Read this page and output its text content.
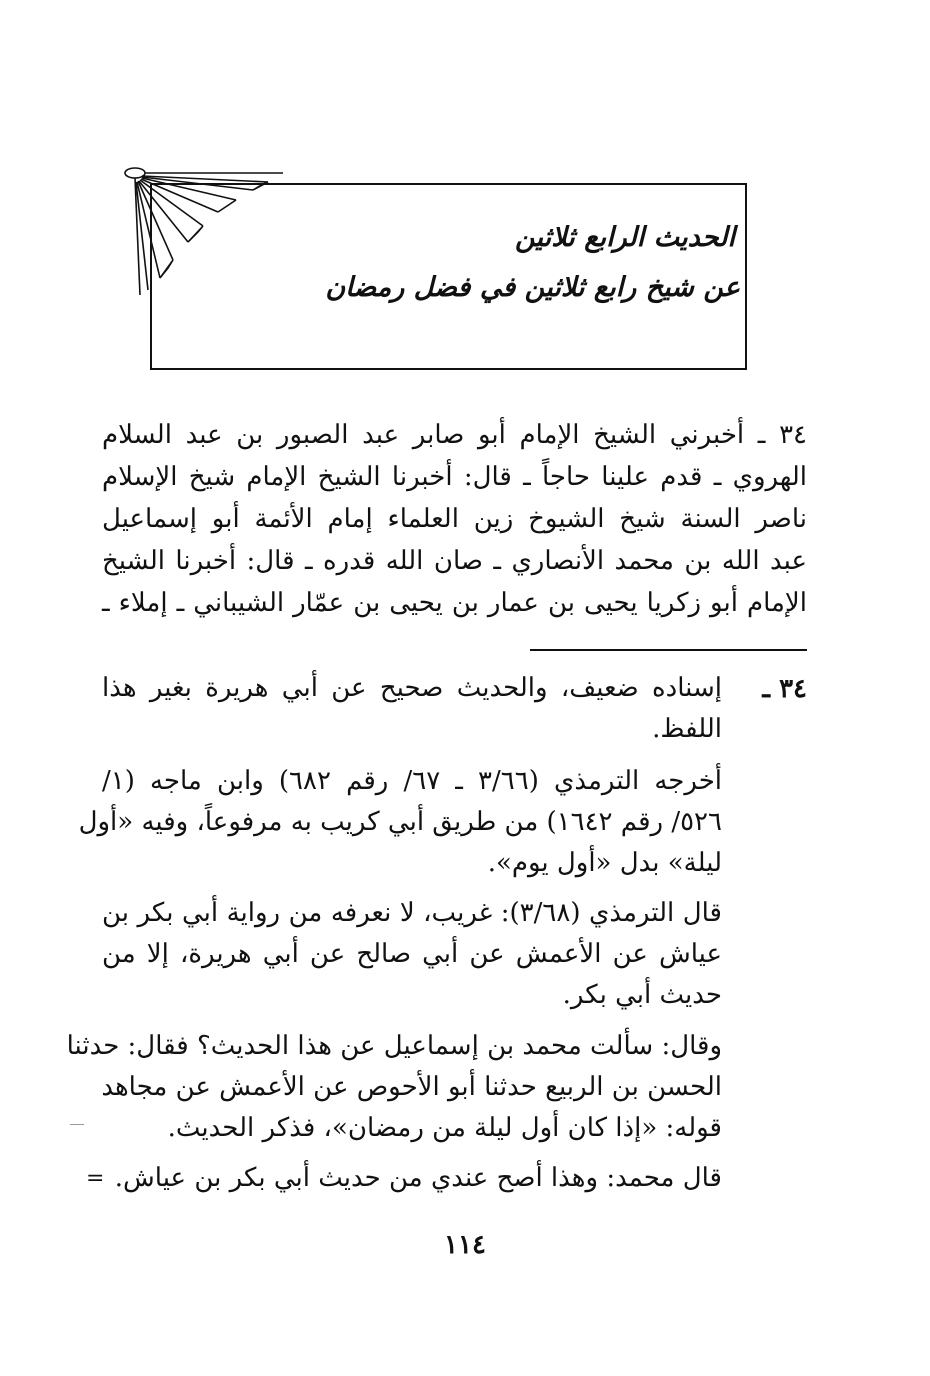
الحديث الرابع ثلاثين
عن شيخ رابع ثلاثين في فضل رمضان
٣٤ ـ أخبرني الشيخ الإمام أبو صابر عبد الصبور بن عبد السلام
الهروي ـ قدم علينا حاجاً ـ قال: أخبرنا الشيخ الإمام شيخ الإسلام
ناصر السنة شيخ الشيوخ زين العلماء إمام الأئمة أبو إسماعيل
عبد الله بن محمد الأنصاري ـ صان الله قدره ـ قال: أخبرنا الشيخ
الإمام أبو زكريا يحيى بن عمار بن يحيى بن عمّار الشيباني ـ إملاء ـ
٣٤ ـ
إسناده ضعيف، والحديث صحيح عن أبي هريرة بغير هذا
اللفظ.
أخرجه الترمذي (٣/٦٦ ـ ٦٧/ رقم ٦٨٢) وابن ماجه (١/
٥٢٦/ رقم ١٦٤٢) من طريق أبي كريب به مرفوعاً، وفيه «أول
ليلة» بدل «أول يوم».
قال الترمذي (٣/٦٨): غريب، لا نعرفه من رواية أبي بكر بن
عياش عن الأعمش عن أبي صالح عن أبي هريرة، إلا من
حديث أبي بكر.
وقال: سألت محمد بن إسماعيل عن هذا الحديث؟ فقال: حدثنا
الحسن بن الربيع حدثنا أبو الأحوص عن الأعمش عن مجاهد
قوله: «إذا كان أول ليلة من رمضان»، فذكر الحديث.
قال محمد: وهذا أصح عندي من حديث أبي بكر بن عياش.
=
١١٤
